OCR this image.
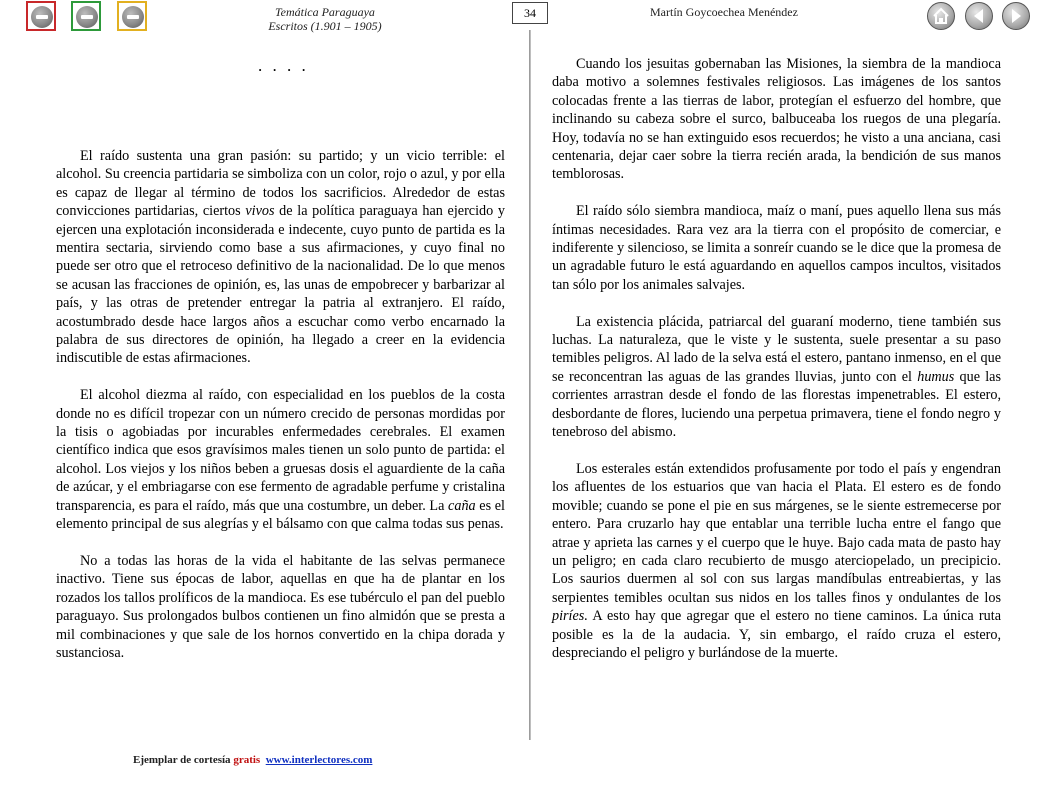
Temática Paraguaya
Escritos (1.901 – 1905)
34	Martín Goycoechea Menéndez
. . . .

El raído sustenta una gran pasión: su partido; y un vicio terrible: el alcohol. Su creencia partidaria se simboliza con un color, rojo o azul, y por ella es capaz de llegar al término de todos los sacrificios. Alrededor de estas convicciones partidarias, ciertos vivos de la política paraguaya han ejercido y ejercen una explotación inconsiderada e indecente, cuyo punto de partida es la mentira sectaria, sirviendo como base a sus afirmaciones, y cuyo final no puede ser otro que el retroceso definitivo de la nacionalidad. De lo que menos se acusan las fracciones de opinión, es, las unas de empobrecer y barbarizar al país, y las otras de pretender entregar la patria al extranjero. El raído, acostumbrado desde hace largos años a escuchar como verbo encarnado la palabra de sus directores de opinión, ha llegado a creer en la evidencia indiscutible de estas afirmaciones.

El alcohol diezma al raído, con especialidad en los pueblos de la costa donde no es difícil tropezar con un número crecido de personas mordidas por la tisis o agobiadas por incurables enfermedades cerebrales. El examen científico indica que esos gravísimos males tienen un solo punto de partida: el alcohol. Los viejos y los niños beben a gruesas dosis el aguardiente de la caña de azúcar, y el embriagarse con ese fermento de agradable perfume y cristalina transparencia, es para el raído, más que una costumbre, un deber. La caña es el elemento principal de sus alegrías y el bálsamo con que calma todas sus penas.

No a todas las horas de la vida el habitante de las selvas permanece inactivo. Tiene sus épocas de labor, aquellas en que ha de plantar en los rozados los tallos prolíficos de la mandioca. Es ese tubérculo el pan del pueblo paraguayo. Sus prolongados bulbos contienen un fino almidón que se presta a mil combinaciones y que sale de los hornos convertido en la chipa dorada y sustanciosa.

Cuando los jesuitas gobernaban las Misiones, la siembra de la mandioca daba motivo a solemnes festivales religiosos. Las imágenes de los santos colocadas frente a las tierras de labor, protegían el esfuerzo del hombre, que inclinando su cabeza sobre el surco, balbuceaba los ruegos de una plegaría. Hoy, todavía no se han extinguido esos recuerdos; he visto a una anciana, casi centenaria, dejar caer sobre la tierra recién arada, la bendición de sus manos temblorosas.

El raído sólo siembra mandioca, maíz o maní, pues aquello llena sus más íntimas necesidades. Rara vez ara la tierra con el propósito de comerciar, e indiferente y silencioso, se limita a sonreír cuando se le dice que la promesa de un agradable futuro le está aguardando en aquellos campos incultos, visitados tan sólo por los animales salvajes.

La existencia plácida, patriarcal del guaraní moderno, tiene también sus luchas. La naturaleza, que le viste y le sustenta, suele presentar a su paso temibles peligros. Al lado de la selva está el estero, pantano inmenso, en el que se reconcentran las aguas de las grandes lluvias, junto con el humus que las corrientes arrastran desde el fondo de las florestas impenetrables. El estero, desbordante de flores, luciendo una perpetua primavera, tiene el fondo negro y tenebroso del abismo.

Los esterales están extendidos profusamente por todo el país y engendran los afluentes de los estuarios que van hacia el Plata. El estero es de fondo movible; cuando se pone el pie en sus márgenes, se le siente estremecerse por entero. Para cruzarlo hay que entablar una terrible lucha entre el fango que atrae y aprieta las carnes y el cuerpo que le huye. Bajo cada mata de pasto hay un peligro; en cada claro recubierto de musgo aterciopelado, un precipicio. Los saurios duermen al sol con sus largas mandíbulas entreabiertas, y las serpientes temibles ocultan sus nidos en los talles finos y ondulantes de los piríes. A esto hay que agregar que el estero no tiene caminos. La única ruta posible es la de la audacia. Y, sin embargo, el raído cruza el estero, despreciando el peligro y burlándose de la muerte.

Ejemplar de cortesía gratis www.interlectores.com
